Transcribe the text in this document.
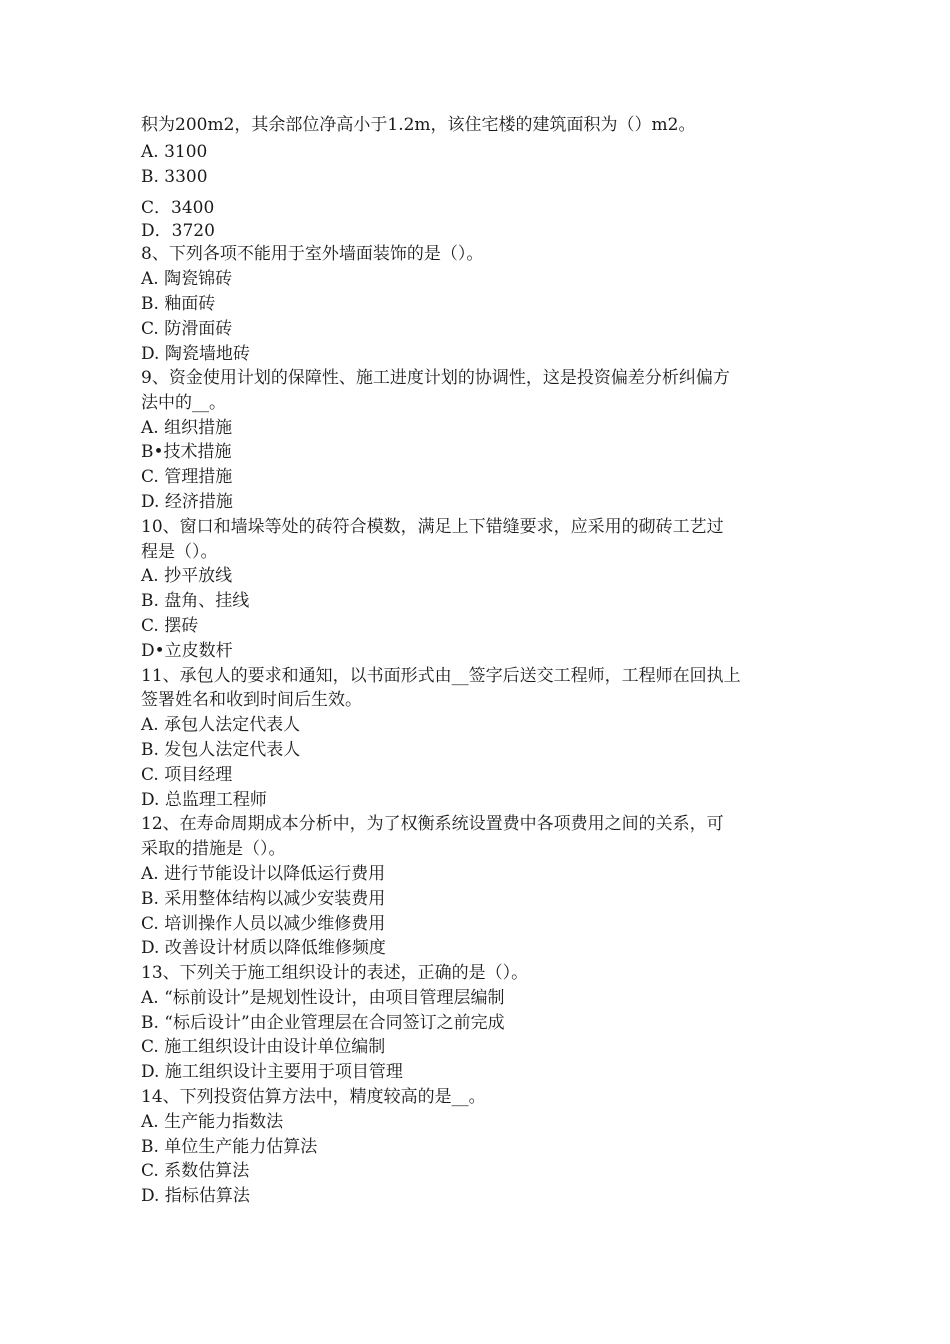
积为200m2，其余部位净高小于1.2m，该住宅楼的建筑面积为（）m2。
A. 3100
B. 3300
C．3400
D．3720
8、下列各项不能用于室外墙面装饰的是（）。
A. 陶瓷锦砖
B. 釉面砖
C. 防滑面砖
D. 陶瓷墙地砖
9、资金使用计划的保障性、施工进度计划的协调性，这是投资偏差分析纠偏方
法中的__。
A. 组织措施
B•技术措施
C. 管理措施
D. 经济措施
10、窗口和墙垛等处的砖符合模数，满足上下错缝要求，应采用的砌砖工艺过
程是（）。
A. 抄平放线
B. 盘角、挂线
C. 摆砖
D•立皮数杆
11、承包人的要求和通知，以书面形式由__签字后送交工程师，工程师在回执上
签署姓名和收到时间后生效。
A. 承包人法定代表人
B. 发包人法定代表人
C. 项目经理
D. 总监理工程师
12、在寿命周期成本分析中，为了权衡系统设置费中各项费用之间的关系，可
采取的措施是（）。
A. 进行节能设计以降低运行费用
B. 采用整体结构以减少安装费用
C. 培训操作人员以减少维修费用
D. 改善设计材质以降低维修频度
13、下列关于施工组织设计的表述，正确的是（）。
A. “标前设计”是规划性设计，由项目管理层编制
B. “标后设计”由企业管理层在合同签订之前完成
C. 施工组织设计由设计单位编制
D. 施工组织设计主要用于项目管理
14、下列投资估算方法中，精度较高的是__。
A. 生产能力指数法
B. 单位生产能力估算法
C. 系数估算法
D. 指标估算法
